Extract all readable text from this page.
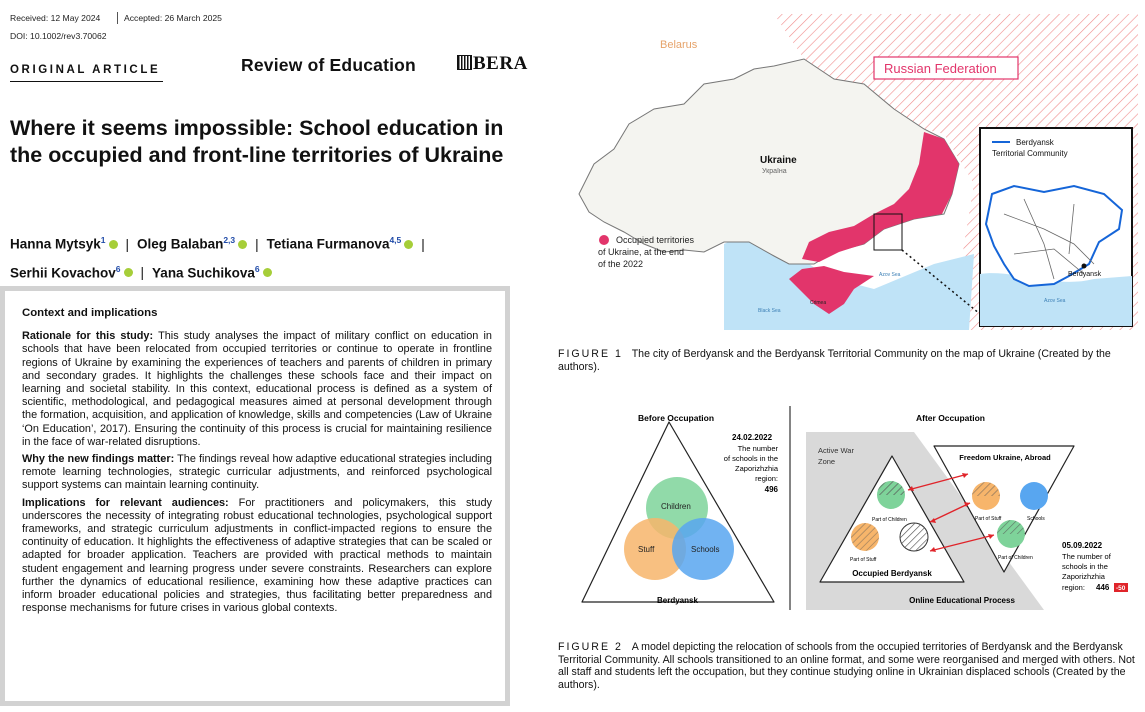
Received: 12 May 2024	Accepted: 26 March 2025
DOI: 10.1002/rev3.70062
ORIGINAL ARTICLE	Review of Education	BERA
Where it seems impossible: School education in the occupied and front-line territories of Ukraine
Hanna Mytsyk$^1$ | Oleg Balaban$^{2,3}$ | Tetiana Furmanova$^{4,5}$ |
Serhii Kovachov$^6$ | Yana Suchikova$^6$
Context and implications

Rationale for this study: This study analyses the impact of military conflict on education in schools that have been relocated from occupied territories or continue to operate in frontline regions of Ukraine by examining the experiences of teachers and parents of children in primary and secondary grades. It highlights the challenges these schools face and their impact on learning and societal stability. In this context, educational process is defined as a system of scientific, methodological, and pedagogical measures aimed at personal development through the formation, acquisition, and application of knowledge, skills and competencies (Law of Ukraine ‘On Education’, 2017). Ensuring the continuity of this process is crucial for maintaining resilience in the face of war-related disruptions.

Why the new findings matter: The findings reveal how adaptive educational strategies including remote learning technologies, strategic curricular adjustments, and reinforced psychological support systems can maintain learning continuity.

Implications for relevant audiences: For practitioners and policymakers, this study underscores the necessity of integrating robust educational technologies, psychological support frameworks, and strategic curriculum adjustments in conflict-impacted regions to ensure the continuity of education. It highlights the effectiveness of adaptive strategies that can be scaled or adapted for broader application. Teachers are provided with practical methods to maintain student engagement and learning progress under severe constraints. Researchers can explore further the dynamics of educational resilience, examining how these adaptive practices can inform broader educational policies and strategies, thus facilitating better preparedness and response mechanisms for future crises in various global contexts.

Belarus
Russian Federation
Ukraine
Україна
Occupied territories of Ukraine, at the end of the 2022
Azov Sea
Black Sea
Crimea
Berdyansk
Territorial Community
Berdyansk
Azov Sea
FIGURE 1 The city of Berdyansk and the Berdyansk Territorial Community on the map of Ukraine (Created by the authors).
Before Occupation
Children
Stuff	Schools
Berdyansk
24.02.2022
The number
of schools in the
Zaporizhzhia
region:
496
After Occupation
Active War
Zone	Freedom Ukraine, Abroad
Part of Children
Part of Stuff
Occupied Berdyansk
Part of Stuff	Schools
Part of Children
05.09.2022
The number of
schools in the
Zaporizhzhia
region: 446 -50
Online Educational Process
FIGURE 2 A model depicting the relocation of schools from the occupied territories of Berdyansk and the Berdyansk Territorial Community. All schools transitioned to an online format, and some were reorganised and merged with others. Not all staff and students left the occupation, but they continue studying online in Ukrainian displaced schools (Created by the authors).
